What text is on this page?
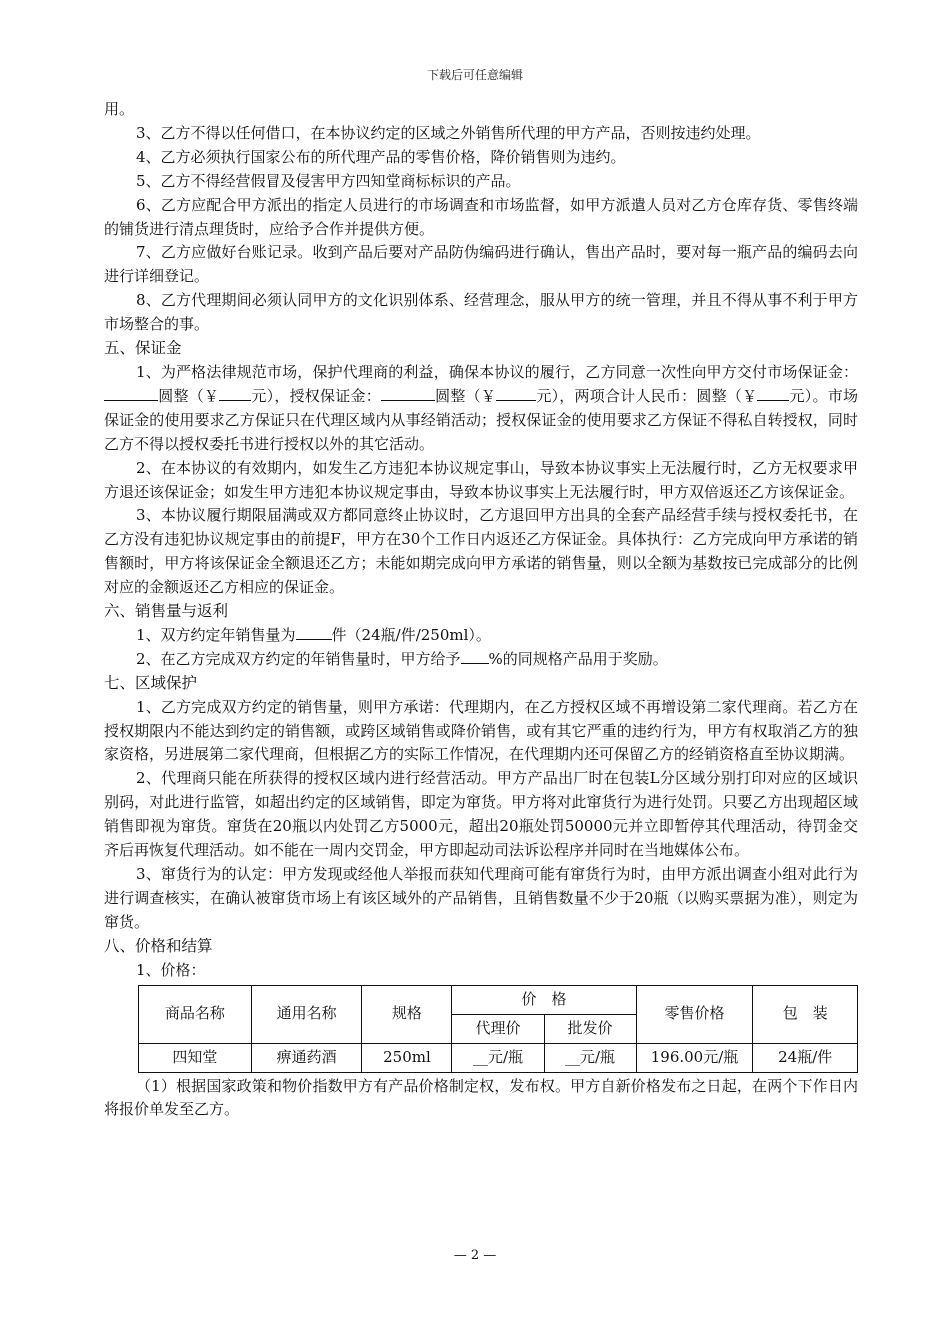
下载后可任意编辑

用。

3、乙方不得以任何借口，在本协议约定的区域之外销售所代理的甲方产品，否则按违约处理。

4、乙方必须执行国家公布的所代理产品的零售价格，降价销售则为违约。

5、乙方不得经营假冒及侵害甲方四知堂商标标识的产品。

6、乙方应配合甲方派出的指定人员进行的市场调查和市场监督，如甲方派遣人员对乙方仓库存货、零售终端的铺货进行清点理货时，应给予合作并提供方便。

7、乙方应做好台账记录。收到产品后要对产品防伪编码进行确认，售出产品时，要对每一瓶产品的编码去向进行详细登记。

8、乙方代理期间必须认同甲方的文化识别体系、经营理念，服从甲方的统一管理，并且不得从事不利于甲方市场整合的事。

五、保证金

1、为严格法律规范市场，保护代理商的利益，确保本协议的履行，乙方同意一次性向甲方交付市场保证金：圆整（￥ 元），授权保证金：	圆整（￥	元），两项合计人民币：圆整（￥ 元）。市场保证金的使用要求乙方保证只在代理区域内从事经销活动；授权保证金的使用要求乙方保证不得私自转授权，同时乙方不得以授权委托书进行授权以外的其它活动。

2、在本协议的有效期内，如发生乙方违犯本协议规定事山，导致本协议事实上无法履行时，乙方无权要求甲方退还该保证金；如发生甲方违犯本协议规定事由，导致本协议事实上无法履行时，甲方双倍返还乙方该保证金。

3、本协议履行期限届满或双方都同意终止协议时，乙方退回甲方出具的全套产品经营手续与授权委托书，在乙方没有违犯协议规定事由的前提F，甲方在30个工作日内返还乙方保证金。具体执行：乙方完成向甲方承诺的销售额时，甲方将该保证金全额退还乙方；未能如期完成向甲方承诺的销售量，则以全额为基数按已完成部分的比例对应的金额返还乙方相应的保证金。

六、销售量与返利

1、双方约定年销售量为 件（24瓶/件/250ml）。

2、在乙方完成双方约定的年销售量时，甲方给予 %的同规格产品用于奖励。

七、区域保护

1、乙方完成双方约定的销售量，则甲方承诺：代理期内，在乙方授权区域不再增设第二家代理商。若乙方在授权期限内不能达到约定的销售额，或跨区域销售或降价销售，或有其它严重的违约行为，甲方有权取消乙方的独家资格，另进展第二家代理商，但根据乙方的实际工作情况，在代理期内还可保留乙方的经销资格直至协议期满。

2、代理商只能在所获得的授权区域内进行经营活动。甲方产品出厂时在包装L分区域分别打印对应的区域识别码，对此进行监管，如超出约定的区域销售，即定为窜货。甲方将对此窜货行为进行处罚。只要乙方出现超区域销售即视为窜货。窜货在20瓶以内处罚乙方5000元，超出20瓶处罚50000元并立即暂停其代理活动，待罚金交齐后再恢复代理活动。如不能在一周内交罚金，甲方即起动司法诉讼程序并同时在当地媒体公布。

3、窜货行为的认定：甲方发现或经他人举报而获知代理商可能有窜货行为时，由甲方派出调查小组对此行为进行调查核实，在确认被窜货市场上有该区域外的产品销售，且销售数量不少于20瓶（以购买票据为准），则定为窜货。

八、价格和结算

1、价格：

商品名称	通用名称	规格	价　格		零售价格	包　装
			代理价	批发价		
四知堂	痹通药酒	250ml	__元/瓶	__元/瓶	196.00元/瓶	24瓶/件

（1）根据国家政策和物价指数甲方有产品价格制定权，发布权。甲方自新价格发布之日起，在两个下作日内将报价单发至乙方。

— 2 —
